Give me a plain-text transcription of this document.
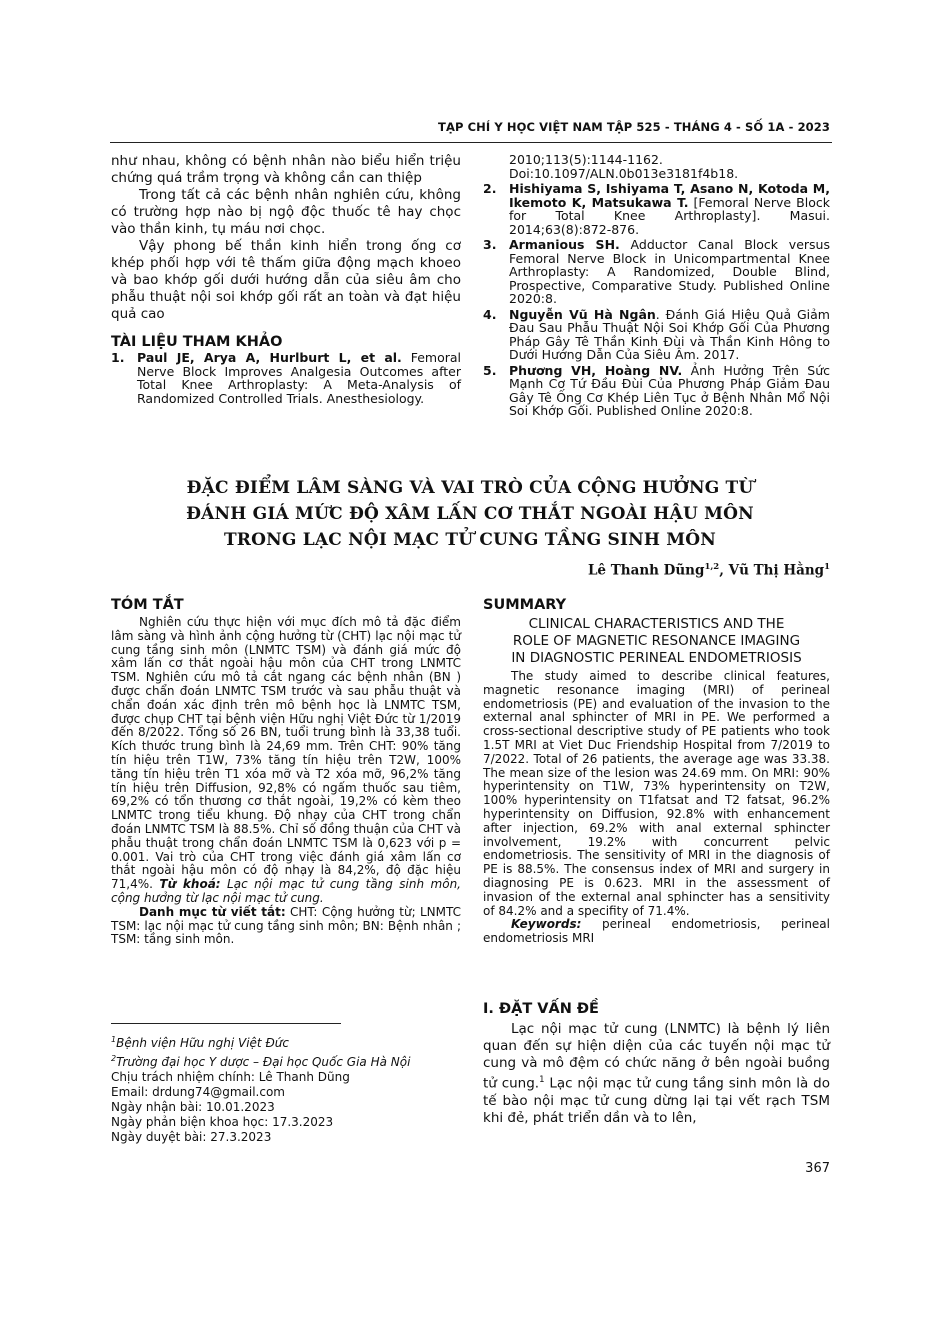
TẠP CHÍ Y HỌC VIỆT NAM TẬP 525 - THÁNG 4 - SỐ 1A - 2023

như nhau, không có bệnh nhân nào biểu hiển triệu chứng quá trầm trọng và không cần can thiệp

Trong tất cả các bệnh nhân nghiên cứu, không có trường hợp nào bị ngộ độc thuốc tê hay chọc vào thần kinh, tụ máu nơi chọc.

Vậy phong bế thần kinh hiển trong ống cơ khép phối hợp với tê thấm giữa động mạch khoeo và bao khớp gối dưới hướng dẫn của siêu âm cho phẫu thuật nội soi khớp gối rất an toàn và đạt hiệu quả cao

TÀI LIỆU THAM KHẢO
1.	Paul JE, Arya A, Hurlburt L, et al. Femoral Nerve Block Improves Analgesia Outcomes after Total Knee Arthroplasty: A Meta-Analysis of Randomized Controlled Trials. Anesthesiology.
2010;113(5):1144-1162. Doi:10.1097/ALN.0b013e3181f4b18.
2.	Hishiyama S, Ishiyama T, Asano N, Kotoda M, Ikemoto K, Matsukawa T. [Femoral Nerve Block for Total Knee Arthroplasty]. Masui. 2014;63(8):872-876.
3.	Armanious SH. Adductor Canal Block versus Femoral Nerve Block in Unicompartmental Knee Arthroplasty: A Randomized, Double Blind, Prospective, Comparative Study. Published Online 2020:8.
4.	Nguyễn Vũ Hà Ngân. Đánh Giá Hiệu Quả Giảm Đau Sau Phẫu Thuật Nội Soi Khớp Gối Của Phương Pháp Gây Tê Thần Kinh Đùi và Thần Kinh Hông to Dưới Hướng Dẫn Của Siêu Âm. 2017.
5.	Phương VH, Hoàng NV. Ảnh Hưởng Trên Sức Mạnh Cơ Tứ Đầu Đùi Của Phương Pháp Giảm Đau Gây Tê Ống Cơ Khép Liên Tục ở Bệnh Nhân Mổ Nội Soi Khớp Gối. Published Online 2020:8.
ĐẶC ĐIỂM LÂM SÀNG VÀ VAI TRÒ CỦA CỘNG HƯỞNG TỪ
ĐÁNH GIÁ MỨC ĐỘ XÂM LẤN CƠ THẮT NGOÀI HẬU MÔN
TRONG LẠC NỘI MẠC TỬ CUNG TẦNG SINH MÔN
Lê Thanh Dũng$^{1,2}$, Vũ Thị Hằng$^1$
TÓM TẮT

Nghiên cứu thực hiện với mục đích mô tả đặc điểm lâm sàng và hình ảnh cộng hưởng từ (CHT) lạc nội mạc tử cung tầng sinh môn (LNMTC TSM) và đánh giá mức độ xâm lấn cơ thắt ngoài hậu môn của CHT trong LNMTC TSM. Nghiên cứu mô tả cắt ngang các bệnh nhân (BN ) được chẩn đoán LNMTC TSM trước và sau phẫu thuật và chẩn đoán xác định trên mô bệnh học là LNMTC TSM, được chụp CHT tại bệnh viện Hữu nghị Việt Đức từ 1/2019 đến 8/2022. Tổng số 26 BN, tuổi trung bình là 33,38 tuổi. Kích thước trung bình là 24,69 mm. Trên CHT: 90% tăng tín hiệu trên T1W, 73% tăng tín hiệu trên T2W, 100% tăng tín hiệu trên T1 xóa mỡ và T2 xóa mỡ, 96,2% tăng tín hiệu trên Diffusion, 92,8% có ngấm thuốc sau tiêm, 69,2% có tổn thương cơ thắt ngoài, 19,2% có kèm theo LNMTC trong tiểu khung. Độ nhạy của CHT trong chẩn đoán LNMTC TSM là 88.5%. Chỉ số đồng thuận của CHT và phẫu thuật trong chẩn đoán LNMTC TSM là 0,623 với p = 0.001. Vai trò của CHT trong việc đánh giá xâm lấn cơ thắt ngoài hậu môn có độ nhạy là 84,2%, độ đặc hiệu 71,4%. Từ khoá: Lạc nội mạc tử cung tầng sinh môn, cộng hưởng từ lạc nội mạc tử cung.

Danh mục từ viết tắt: CHT: Cộng hưởng từ; LNMTC TSM: lạc nội mạc tử cung tầng sinh môn; BN: Bệnh nhân ; TSM: tầng sinh môn.

$^1$Bệnh viện Hữu nghị Việt Đức
$^2$Trường đại học Y dược – Đại học Quốc Gia Hà Nội
Chịu trách nhiệm chính: Lê Thanh Dũng
Email: drdung74@gmail.com
Ngày nhận bài: 10.01.2023
Ngày phản biện khoa học: 17.3.2023
Ngày duyệt bài: 27.3.2023
SUMMARY
CLINICAL CHARACTERISTICS AND THE
ROLE OF MAGNETIC RESONANCE IMAGING
IN DIAGNOSTIC PERINEAL ENDOMETRIOSIS

The study aimed to describe clinical features, magnetic resonance imaging (MRI) of perineal endometriosis (PE) and evaluation of the invasion to the external anal sphincter of MRI in PE. We performed a cross-sectional descriptive study of PE patients who took 1.5T MRI at Viet Duc Friendship Hospital from 7/2019 to 7/2022. Total of 26 patients, the average age was 33.38. The mean size of the lesion was 24.69 mm. On MRI: 90% hyperintensity on T1W, 73% hyperintensity on T2W, 100% hyperintensity on T1fatsat and T2 fatsat, 96.2% hyperintensity on Diffusion, 92.8% with enhancement after injection, 69.2% with anal external sphincter involvement, 19.2% with concurrent pelvic endometriosis. The sensitivity of MRI in the diagnosis of PE is 88.5%. The consensus index of MRI and surgery in diagnosing PE is 0.623. MRI in the assessment of invasion of the external anal sphincter has a sensitivity of 84.2% and a specifity of 71.4%.

Keywords: perineal endometriosis, perineal endometriosis MRI

I. ĐẶT VẤN ĐỀ

Lạc nội mạc tử cung (LNMTC) là bệnh lý liên quan đến sự hiện diện của các tuyến nội mạc tử cung và mô đệm có chức năng ở bên ngoài buồng tử cung.$^1$ Lạc nội mạc tử cung tầng sinh môn là do tế bào nội mạc tử cung dừng lại tại vết rạch TSM khi đẻ, phát triển dần và to lên,

367
